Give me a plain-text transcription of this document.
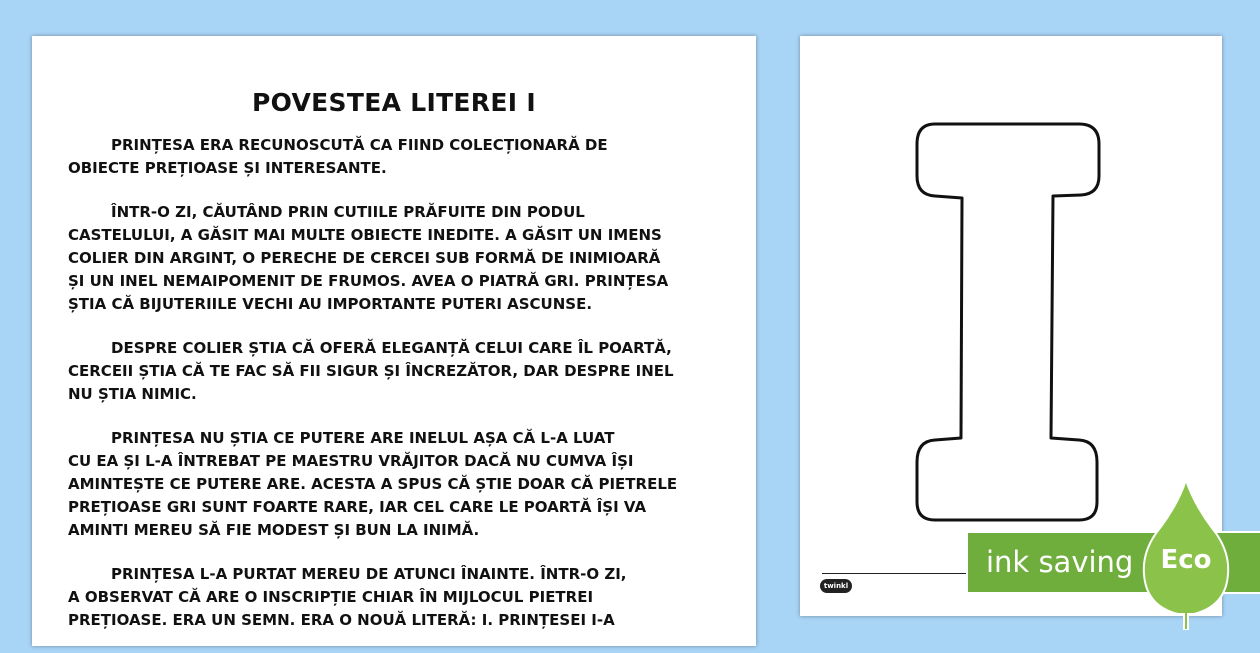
POVESTEA LITEREI I
PRINȚESA ERA RECUNOSCUTĂ CA FIIND COLECȚIONARĂ DE
OBIECTE PREȚIOASE ȘI INTERESANTE.
ÎNTR-O ZI, CĂUTÂND PRIN CUTIILE PRĂFUITE DIN PODUL
CASTELULUI, A GĂSIT MAI MULTE OBIECTE INEDITE. A GĂSIT UN IMENS
COLIER DIN ARGINT, O PERECHE DE CERCEI SUB FORMĂ DE INIMIOARĂ
ȘI UN INEL NEMAIPOMENIT DE FRUMOS. AVEA O PIATRĂ GRI. PRINȚESA
ȘTIA CĂ BIJUTERIILE VECHI AU IMPORTANTE PUTERI ASCUNSE.
DESPRE COLIER ȘTIA CĂ OFERĂ ELEGANȚĂ CELUI CARE ÎL POARTĂ,
CERCEII ȘTIA CĂ TE FAC SĂ FII SIGUR ȘI ÎNCREZĂTOR, DAR DESPRE INEL
NU ȘTIA NIMIC.
PRINȚESA NU ȘTIA CE PUTERE ARE INELUL AȘA CĂ L-A LUAT
CU EA ȘI L-A ÎNTREBAT PE MAESTRU VRĂJITOR DACĂ NU CUMVA ÎȘI
AMINTEȘTE CE PUTERE ARE. ACESTA A SPUS CĂ ȘTIE DOAR CĂ PIETRELE
PREȚIOASE GRI SUNT FOARTE RARE, IAR CEL CARE LE POARTĂ ÎȘI VA
AMINTI MEREU SĂ FIE MODEST ȘI BUN LA INIMĂ.
PRINȚESA L-A PURTAT MEREU DE ATUNCI ÎNAINTE. ÎNTR-O ZI,
A OBSERVAT CĂ ARE O INSCRIPȚIE CHIAR ÎN MIJLOCUL PIETREI
PREȚIOASE. ERA UN SEMN. ERA O NOUĂ LITERĂ: I. PRINȚESEI I-A
twinkl
ink saving	Eco
